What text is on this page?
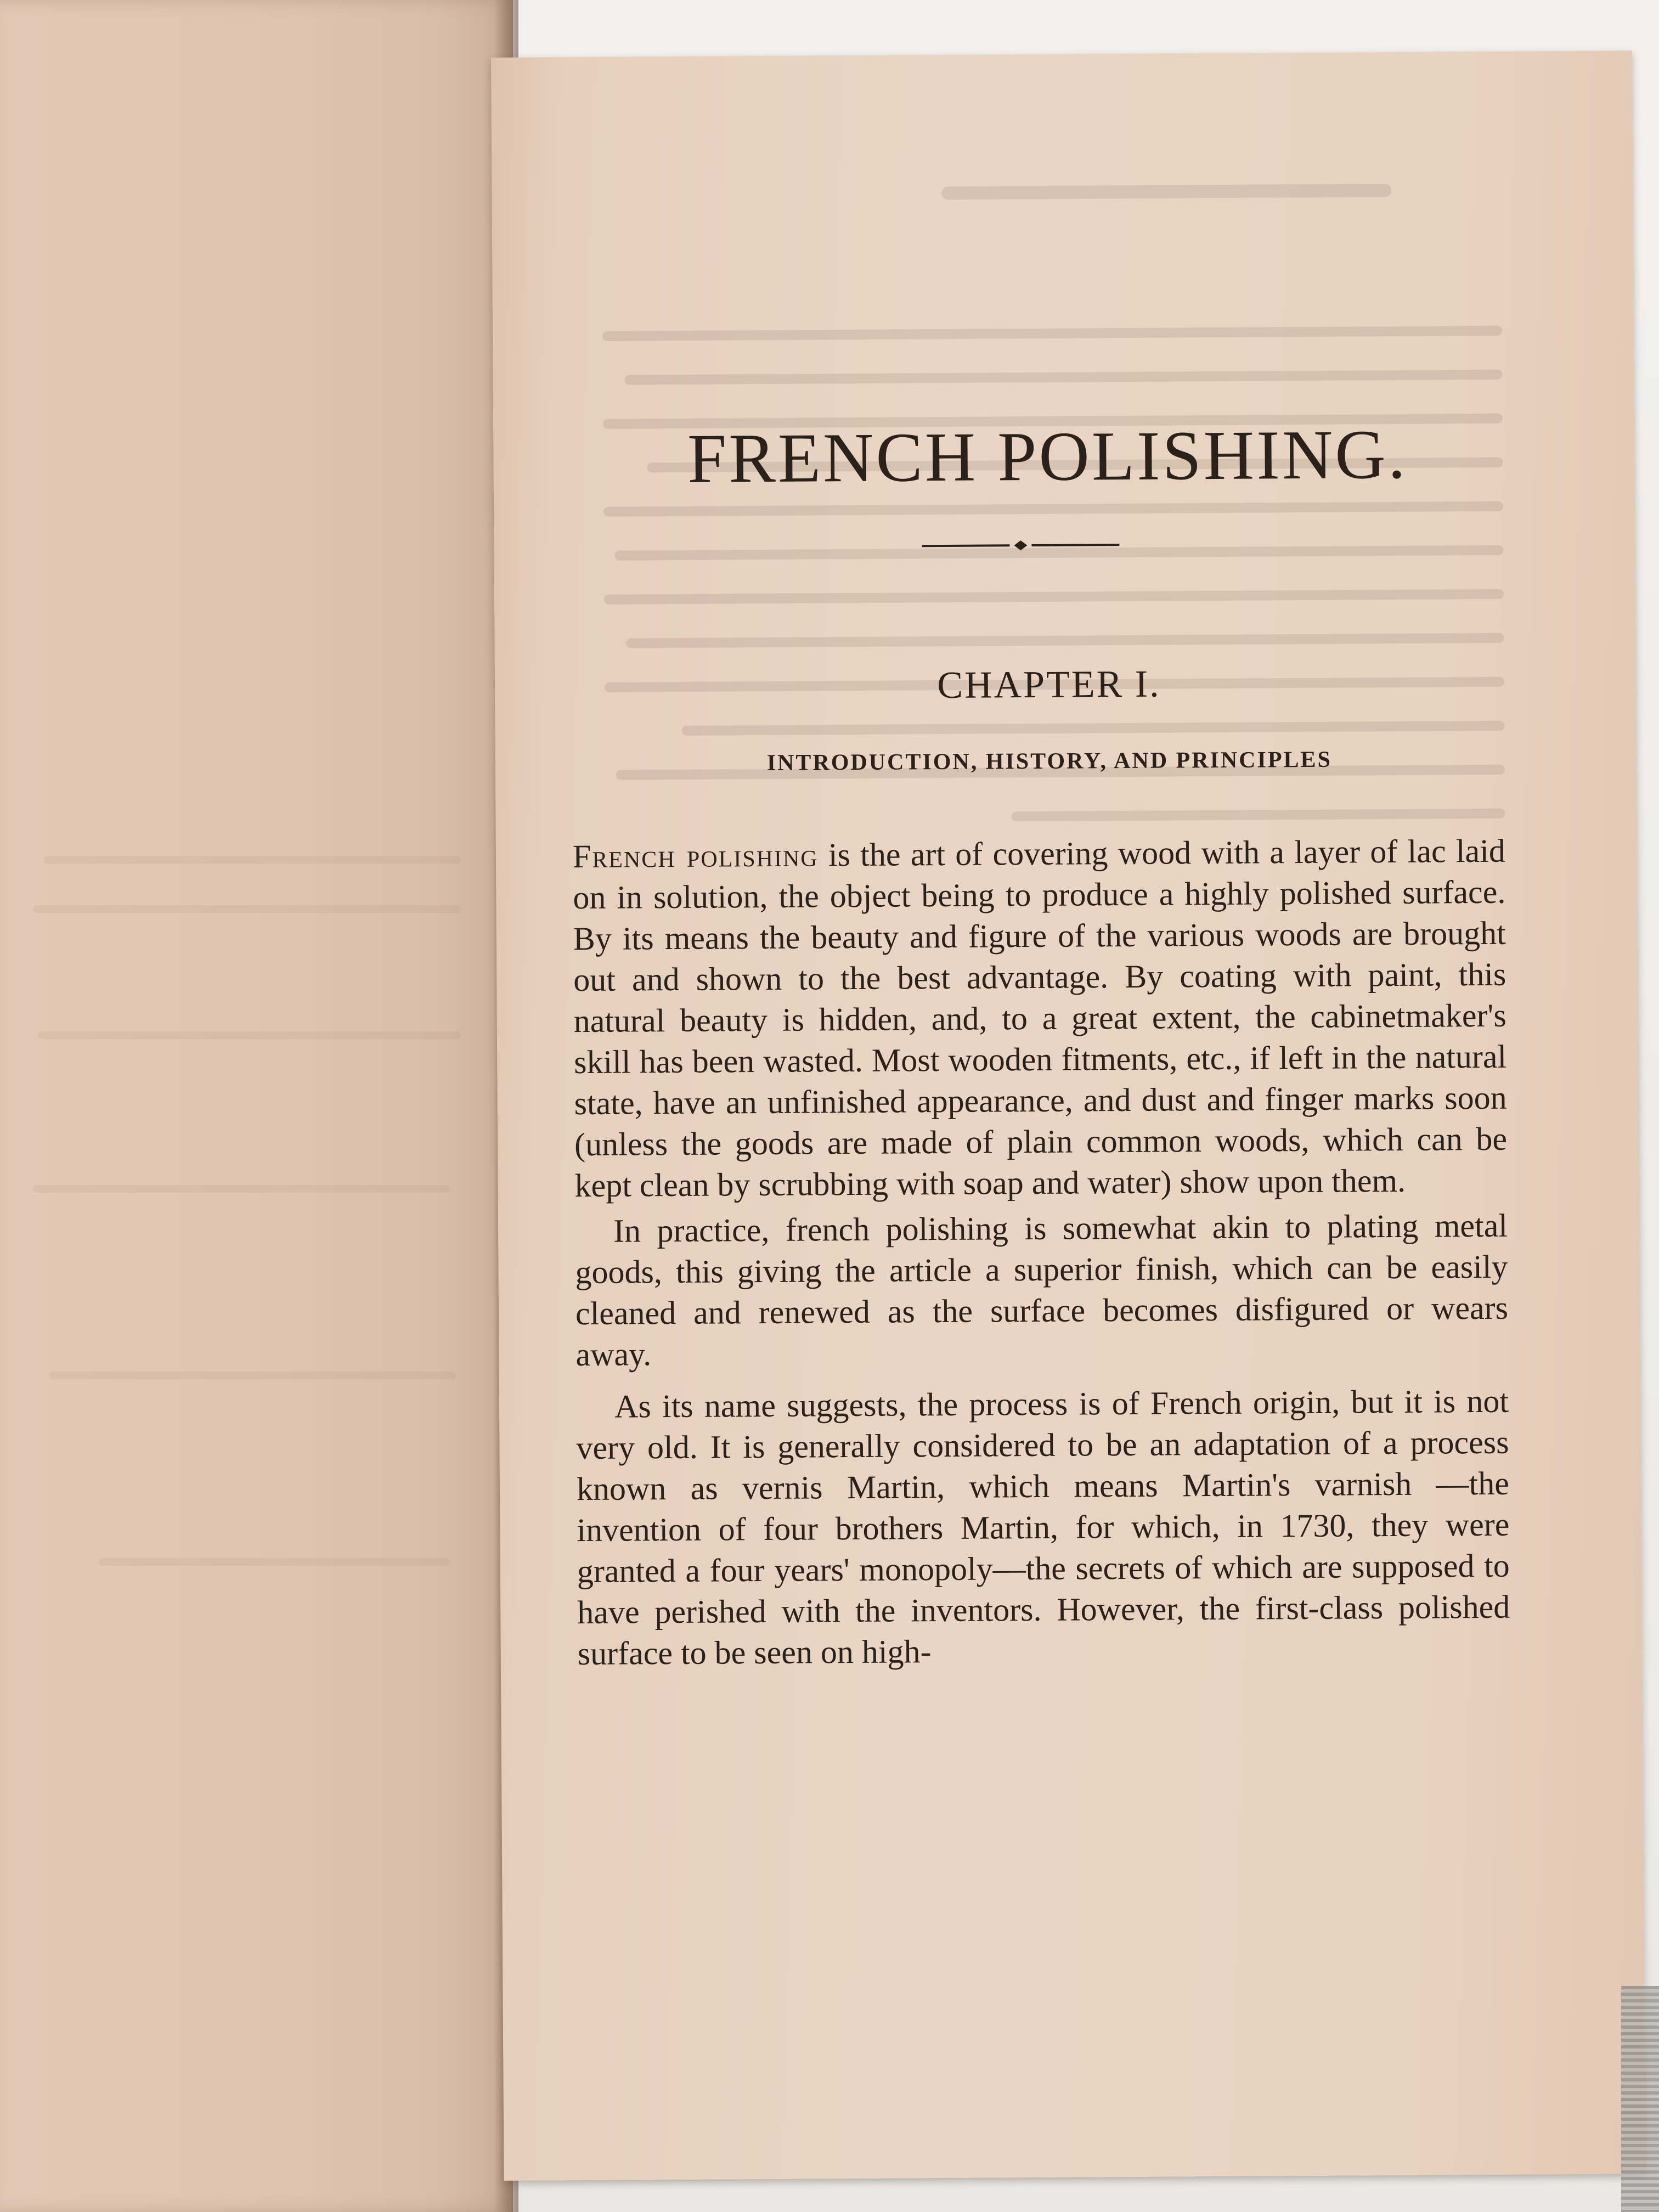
FRENCH POLISHING.
CHAPTER I.
INTRODUCTION, HISTORY, AND PRINCIPLES

French polishing is the art of covering wood with a layer of lac laid on in solution, the object being to produce a highly polished surface. By its means the beauty and figure of the various woods are brought out and shown to the best advantage. By coating with paint, this natural beauty is hidden, and, to a great extent, the cabinetmaker's skill has been wasted. Most wooden fitments, etc., if left in the natural state, have an unfinished appearance, and dust and finger marks soon (unless the goods are made of plain common woods, which can be kept clean by scrubbing with soap and water) show upon them.

In practice, french polishing is somewhat akin to plating metal goods, this giving the article a superior finish, which can be easily cleaned and renewed as the surface becomes disfigured or wears away.

As its name suggests, the process is of French origin, but it is not very old. It is generally considered to be an adaptation of a process known as vernis Martin, which means Martin's varnish —the invention of four brothers Martin, for which, in 1730, they were granted a four years' monopoly—the secrets of which are supposed to have perished with the inventors. However, the first-class polished surface to be seen on high-
